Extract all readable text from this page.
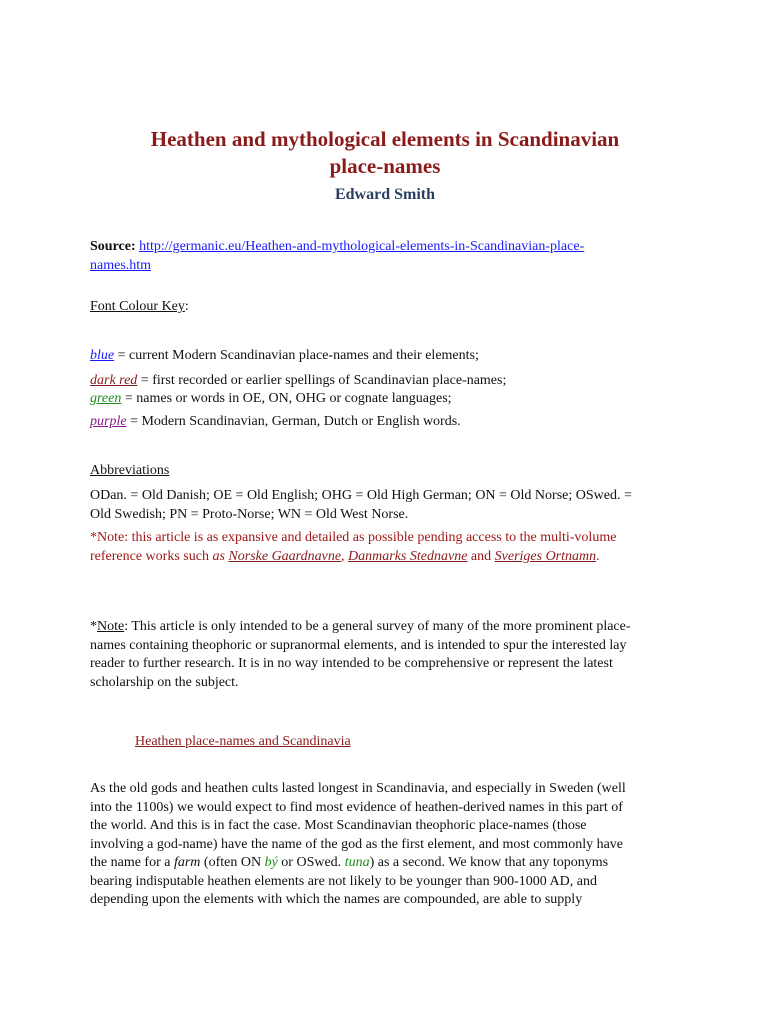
Heathen and mythological elements in Scandinavian
place-names
Edward Smith
Source: http://germanic.eu/Heathen-and-mythological-elements-in-Scandinavian-place-
names.htm
Font Colour Key:
blue = current Modern Scandinavian place-names and their elements;
dark red = first recorded or earlier spellings of Scandinavian place-names;
green = names or words in OE, ON, OHG or cognate languages;
purple = Modern Scandinavian, German, Dutch or English words.
Abbreviations
ODan. = Old Danish; OE = Old English; OHG = Old High German; ON = Old Norse; OSwed. =
Old Swedish; PN = Proto-Norse; WN = Old West Norse.
*Note: this article is as expansive and detailed as possible pending access to the multi-volume
reference works such as Norske Gaardnavne, Danmarks Stednavne and Sveriges Ortnamn.
*Note: This article is only intended to be a general survey of many of the more prominent place-
names containing theophoric or supranormal elements, and is intended to spur the interested lay
reader to further research. It is in no way intended to be comprehensive or represent the latest
scholarship on the subject.
Heathen place-names and Scandinavia
As the old gods and heathen cults lasted longest in Scandinavia, and especially in Sweden (well
into the 1100s) we would expect to find most evidence of heathen-derived names in this part of
the world. And this is in fact the case. Most Scandinavian theophoric place-names (those
involving a god-name) have the name of the god as the first element, and most commonly have
the name for a farm (often ON bý or OSwed. tuna) as a second. We know that any toponyms
bearing indisputable heathen elements are not likely to be younger than 900-1000 AD, and
depending upon the elements with which the names are compounded, are able to supply
